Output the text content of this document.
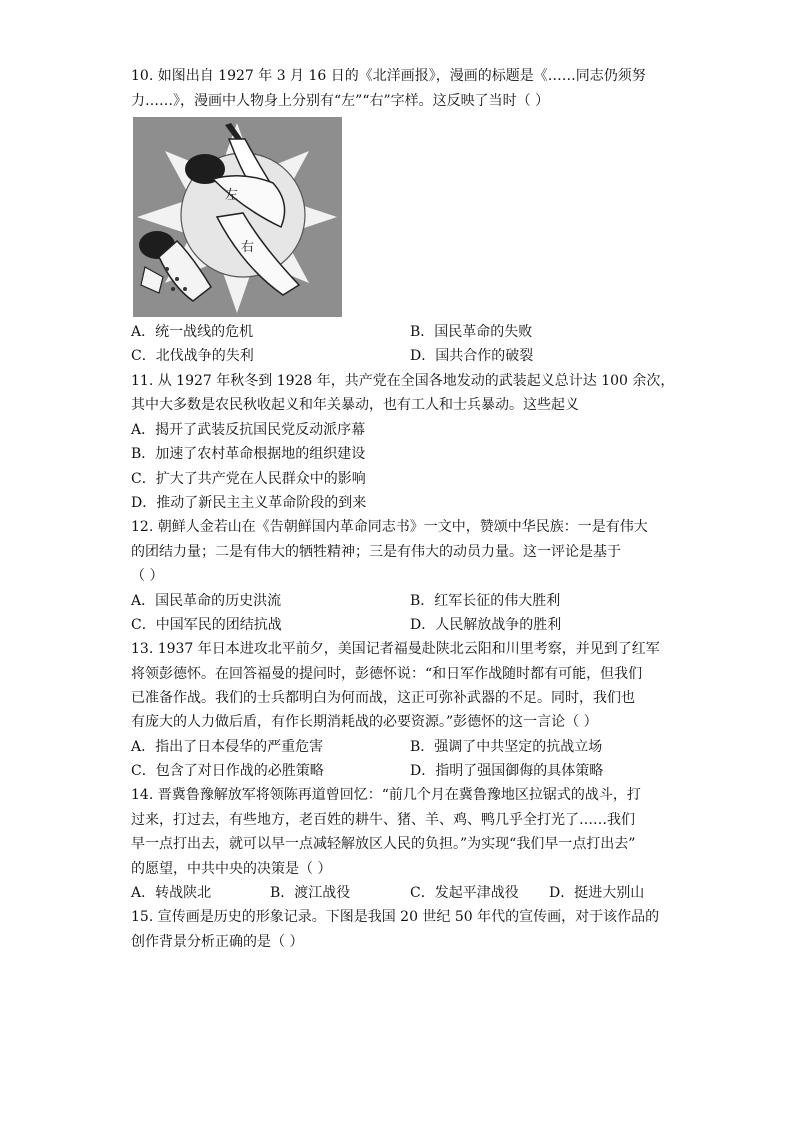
10. 如图出自 1927 年 3 月 16 日的《北洋画报》，漫画的标题是《……同志仍须努
力……》，漫画中人物身上分别有“左”“右”字样。这反映了当时（ ）
左
右
A．统一战线的危机	B．国民革命的失败
C．北伐战争的失利	D．国共合作的破裂
11. 从 1927 年秋冬到 1928 年，共产党在全国各地发动的武装起义总计达 100 余次，
其中大多数是农民秋收起义和年关暴动，也有工人和士兵暴动。这些起义
A．揭开了武装反抗国民党反动派序幕
B．加速了农村革命根据地的组织建设
C．扩大了共产党在人民群众中的影响
D．推动了新民主主义革命阶段的到来
12. 朝鲜人金若山在《告朝鲜国内革命同志书》一文中，赞颂中华民族：一是有伟大
的团结力量；二是有伟大的牺牲精神；三是有伟大的动员力量。这一评论是基于
（ ）
A．国民革命的历史洪流	B．红军长征的伟大胜利
C．中国军民的团结抗战	D．人民解放战争的胜利
13. 1937 年日本进攻北平前夕，美国记者福曼赴陕北云阳和川里考察，并见到了红军
将领彭德怀。在回答福曼的提问时，彭德怀说：“和日军作战随时都有可能，但我们
已准备作战。我们的士兵都明白为何而战，这正可弥补武器的不足。同时，我们也
有庞大的人力做后盾，有作长期消耗战的必要资源。”彭德怀的这一言论（ ）
A．指出了日本侵华的严重危害	B．强调了中共坚定的抗战立场
C．包含了对日作战的必胜策略	D．指明了强国御侮的具体策略
14. 晋冀鲁豫解放军将领陈再道曾回忆：“前几个月在冀鲁豫地区拉锯式的战斗，打
过来，打过去，有些地方，老百姓的耕牛、猪、羊、鸡、鸭几乎全打光了……我们
早一点打出去，就可以早一点减轻解放区人民的负担。”为实现“我们早一点打出去”
的愿望，中共中央的决策是（ ）
A．转战陕北	B．渡江战役	C．发起平津战役 D．挺进大别山
15. 宣传画是历史的形象记录。下图是我国 20 世纪 50 年代的宣传画，对于该作品的
创作背景分析正确的是（ ）
